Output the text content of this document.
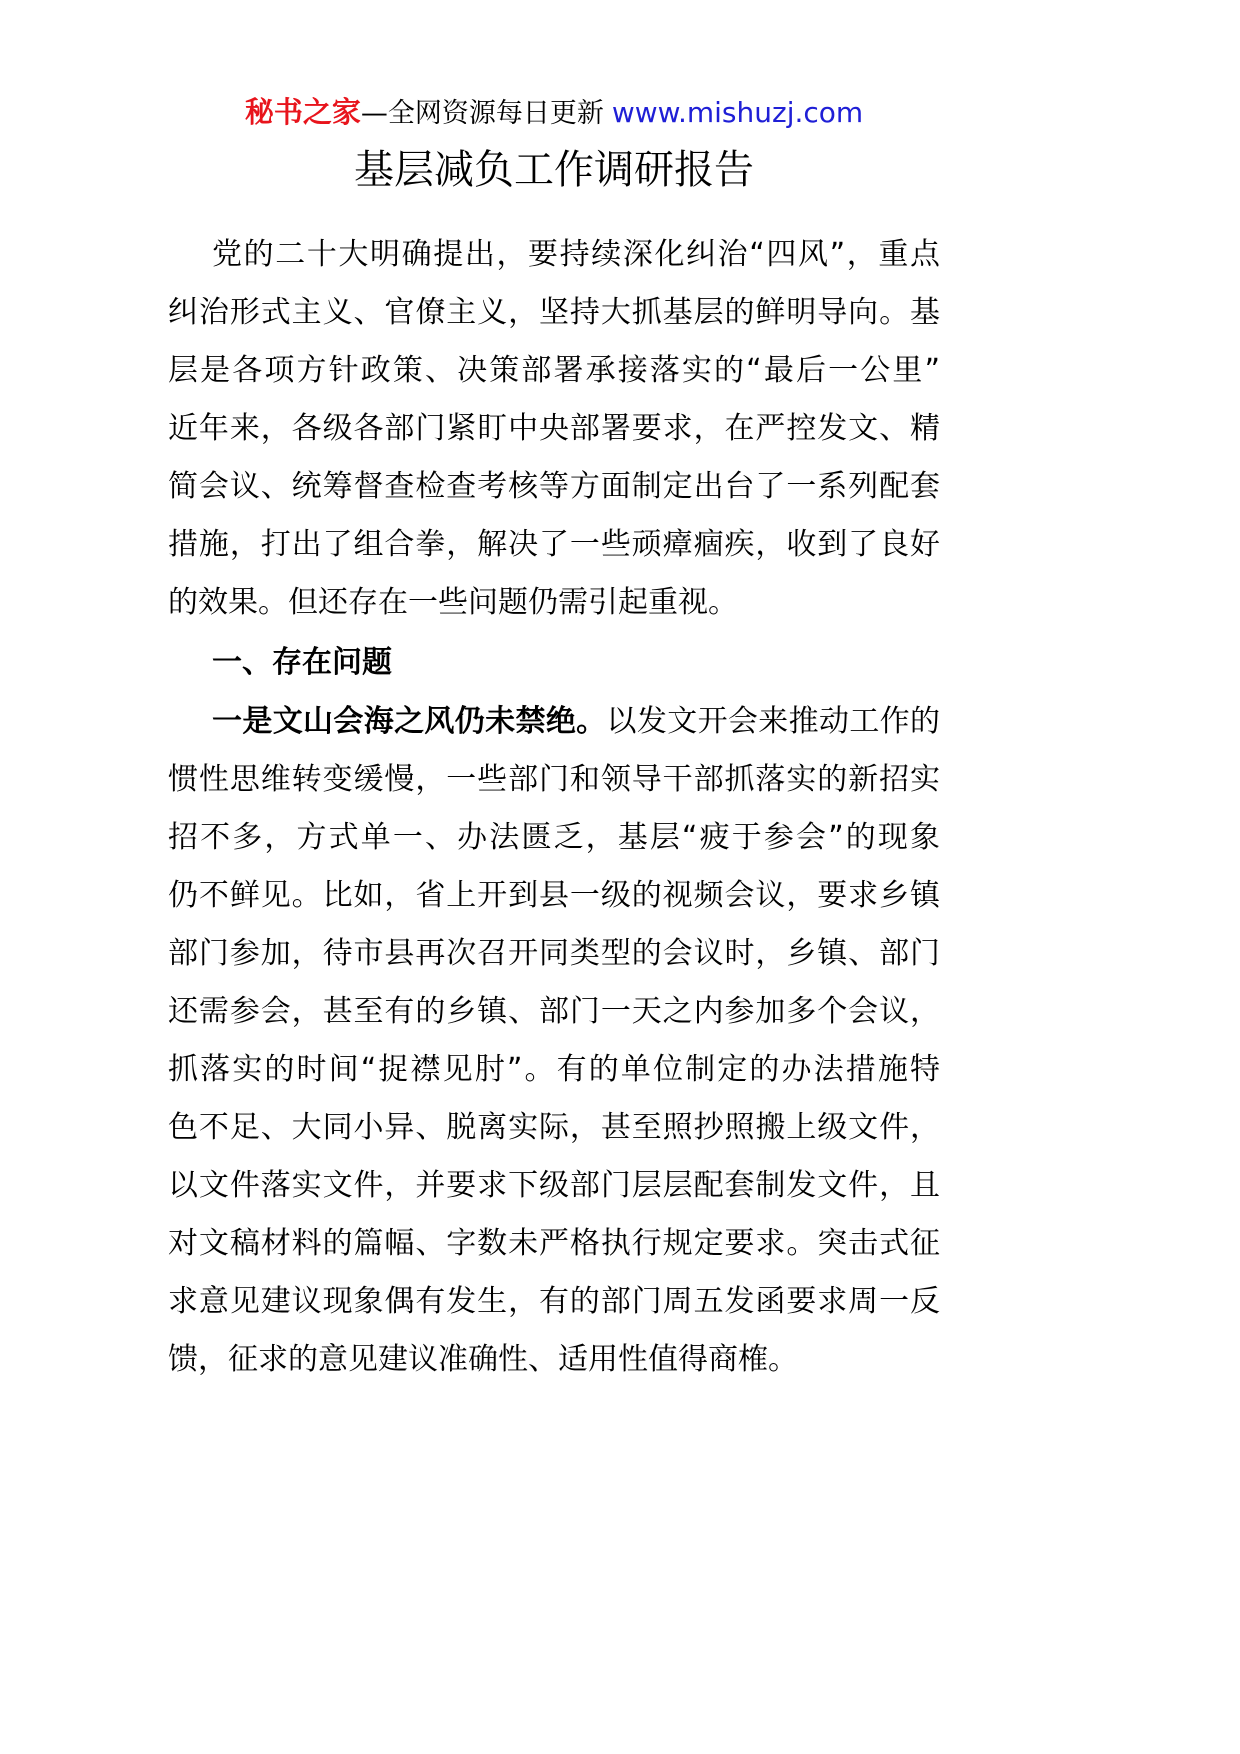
秘书之家—全网资源每日更新 www.mishuzj.com
基层减负工作调研报告
党的二十大明确提出，要持续深化纠治“四风”，重点
纠治形式主义、官僚主义，坚持大抓基层的鲜明导向。基
层是各项方针政策、决策部署承接落实的“最后一公里”
近年来，各级各部门紧盯中央部署要求，在严控发文、精
简会议、统筹督查检查考核等方面制定出台了一系列配套
措施，打出了组合拳，解决了一些顽瘴痼疾，收到了良好
的效果。但还存在一些问题仍需引起重视。
一、存在问题
一是文山会海之风仍未禁绝。以发文开会来推动工作的
惯性思维转变缓慢，一些部门和领导干部抓落实的新招实
招不多，方式单一、办法匮乏，基层“疲于参会”的现象
仍不鲜见。比如，省上开到县一级的视频会议，要求乡镇
部门参加，待市县再次召开同类型的会议时，乡镇、部门
还需参会，甚至有的乡镇、部门一天之内参加多个会议，
抓落实的时间“捉襟见肘”。有的单位制定的办法措施特
色不足、大同小异、脱离实际，甚至照抄照搬上级文件，
以文件落实文件，并要求下级部门层层配套制发文件，且
对文稿材料的篇幅、字数未严格执行规定要求。突击式征
求意见建议现象偶有发生，有的部门周五发函要求周一反
馈，征求的意见建议准确性、适用性值得商榷。
